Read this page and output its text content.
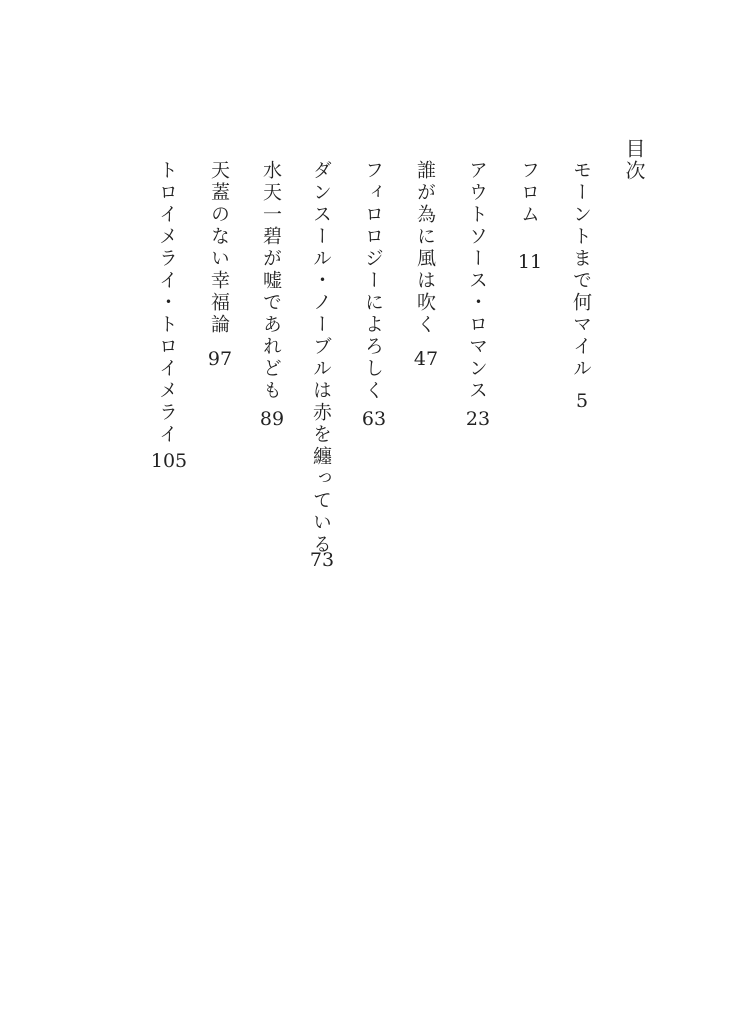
目次
モーントまで何マイル
5
フロム
11
アウトソース・ロマンス
23
誰が為に風は吹く
47
フィロロジーによろしく
63
ダンスール・ノーブルは赤を纏っている
73
水天一碧が嘘であれども
89
天蓋のない幸福論
97
トロイメライ・トロイメライ
105
